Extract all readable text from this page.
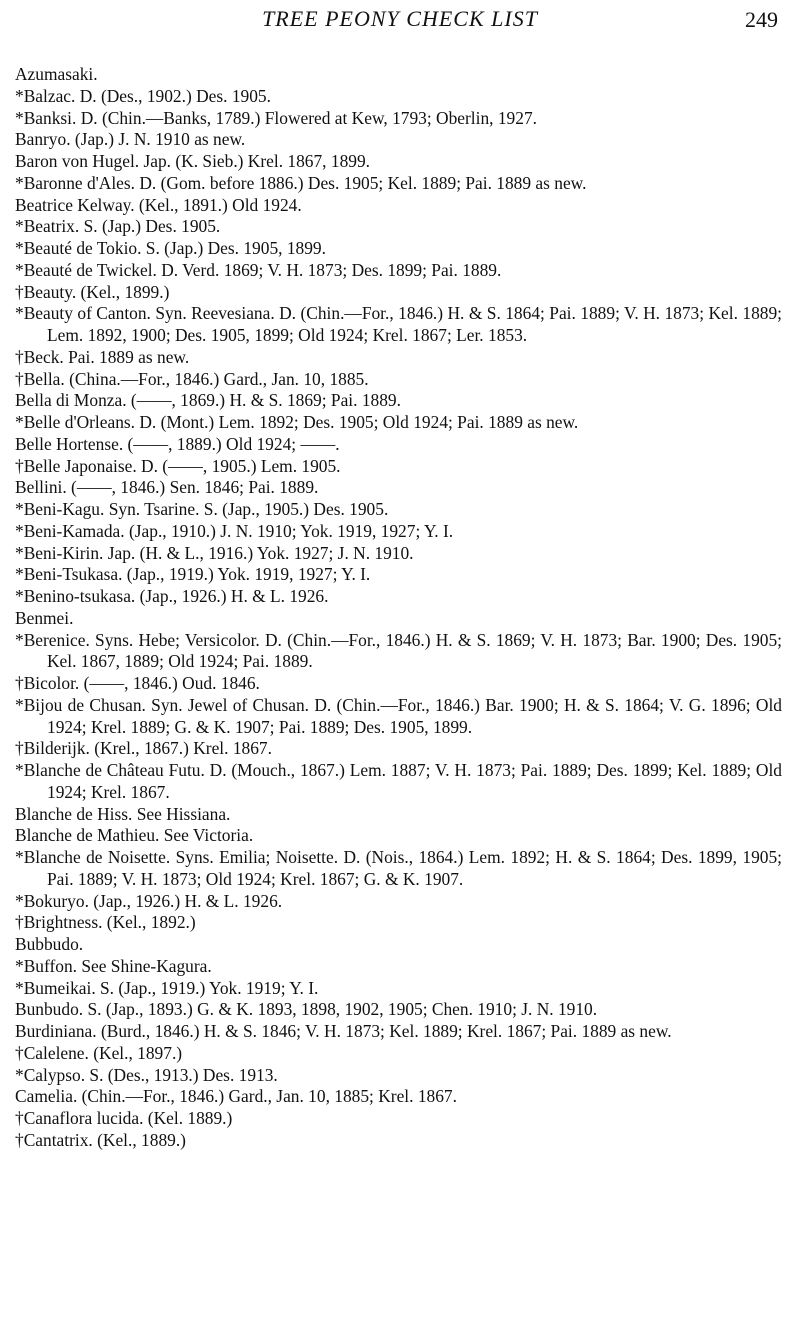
TREE PEONY CHECK LIST	249
Azumasaki.
*Balzac. D. (Des., 1902.) Des. 1905.
*Banksi. D. (Chin.—Banks, 1789.) Flowered at Kew, 1793; Oberlin, 1927.
Banryo. (Jap.) J. N. 1910 as new.
Baron von Hugel. Jap. (K. Sieb.) Krel. 1867, 1899.
*Baronne d'Ales. D. (Gom. before 1886.) Des. 1905; Kel. 1889; Pai. 1889 as new.
Beatrice Kelway. (Kel., 1891.) Old 1924.
*Beatrix. S. (Jap.) Des. 1905.
*Beauté de Tokio. S. (Jap.) Des. 1905, 1899.
*Beauté de Twickel. D. Verd. 1869; V. H. 1873; Des. 1899; Pai. 1889.
†Beauty. (Kel., 1899.)
*Beauty of Canton. Syn. Reevesiana. D. (Chin.—For., 1846.) H. & S. 1864; Pai. 1889; V. H. 1873; Kel. 1889; Lem. 1892, 1900; Des. 1905, 1899; Old 1924; Krel. 1867; Ler. 1853.
†Beck. Pai. 1889 as new.
†Bella. (China.—For., 1846.) Gard., Jan. 10, 1885.
Bella di Monza. (——, 1869.) H. & S. 1869; Pai. 1889.
*Belle d'Orleans. D. (Mont.) Lem. 1892; Des. 1905; Old 1924; Pai. 1889 as new.
Belle Hortense. (——, 1889.) Old 1924; ——.
†Belle Japonaise. D. (——, 1905.) Lem. 1905.
Bellini. (——, 1846.) Sen. 1846; Pai. 1889.
*Beni-Kagu. Syn. Tsarine. S. (Jap., 1905.) Des. 1905.
*Beni-Kamada. (Jap., 1910.) J. N. 1910; Yok. 1919, 1927; Y. I.
*Beni-Kirin. Jap. (H. & L., 1916.) Yok. 1927; J. N. 1910.
*Beni-Tsukasa. (Jap., 1919.) Yok. 1919, 1927; Y. I.
*Benino-tsukasa. (Jap., 1926.) H. & L. 1926.
Benmei.
*Berenice. Syns. Hebe; Versicolor. D. (Chin.—For., 1846.) H. & S. 1869; V. H. 1873; Bar. 1900; Des. 1905; Kel. 1867, 1889; Old 1924; Pai. 1889.
†Bicolor. (——, 1846.) Oud. 1846.
*Bijou de Chusan. Syn. Jewel of Chusan. D. (Chin.—For., 1846.) Bar. 1900; H. & S. 1864; V. G. 1896; Old 1924; Krel. 1889; G. & K. 1907; Pai. 1889; Des. 1905, 1899.
†Bilderijk. (Krel., 1867.) Krel. 1867.
*Blanche de Château Futu. D. (Mouch., 1867.) Lem. 1887; V. H. 1873; Pai. 1889; Des. 1899; Kel. 1889; Old 1924; Krel. 1867.
Blanche de Hiss. See Hissiana.
Blanche de Mathieu. See Victoria.
*Blanche de Noisette. Syns. Emilia; Noisette. D. (Nois., 1864.) Lem. 1892; H. & S. 1864; Des. 1899, 1905; Pai. 1889; V. H. 1873; Old 1924; Krel. 1867; G. & K. 1907.
*Bokuryo. (Jap., 1926.) H. & L. 1926.
†Brightness. (Kel., 1892.)
Bubbudo.
*Buffon. See Shine-Kagura.
*Bumeikai. S. (Jap., 1919.) Yok. 1919; Y. I.
Bunbudo. S. (Jap., 1893.) G. & K. 1893, 1898, 1902, 1905; Chen. 1910; J. N. 1910.
Burdiniana. (Burd., 1846.) H. & S. 1846; V. H. 1873; Kel. 1889; Krel. 1867; Pai. 1889 as new.
†Calelene. (Kel., 1897.)
*Calypso. S. (Des., 1913.) Des. 1913.
Camelia. (Chin.—For., 1846.) Gard., Jan. 10, 1885; Krel. 1867.
†Canaflora lucida. (Kel. 1889.)
†Cantatrix. (Kel., 1889.)
